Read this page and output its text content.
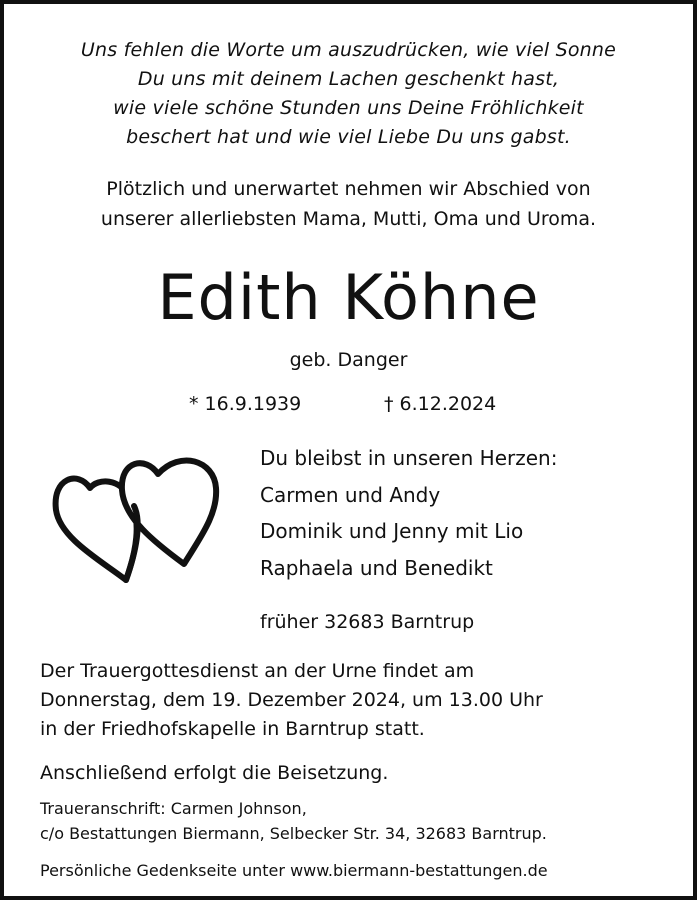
Uns fehlen die Worte um auszudrücken, wie viel Sonne
Du uns mit deinem Lachen geschenkt hast,
wie viele schöne Stunden uns Deine Fröhlichkeit
beschert hat und wie viel Liebe Du uns gabst.
Plötzlich und unerwartet nehmen wir Abschied von
unserer allerliebsten Mama, Mutti, Oma und Uroma.
Edith Köhne
geb. Danger
* 16.9.1939	† 6.12.2024
Du bleibst in unseren Herzen:
Carmen und Andy
Dominik und Jenny mit Lio
Raphaela und Benedikt
früher 32683 Barntrup
Der Trauergottesdienst an der Urne findet am
Donnerstag, dem 19. Dezember 2024, um 13.00 Uhr
in der Friedhofskapelle in Barntrup statt.
Anschließend erfolgt die Beisetzung.
Traueranschrift: Carmen Johnson,
c/o Bestattungen Biermann, Selbecker Str. 34, 32683 Barntrup.
Persönliche Gedenkseite unter www.biermann-bestattungen.de
